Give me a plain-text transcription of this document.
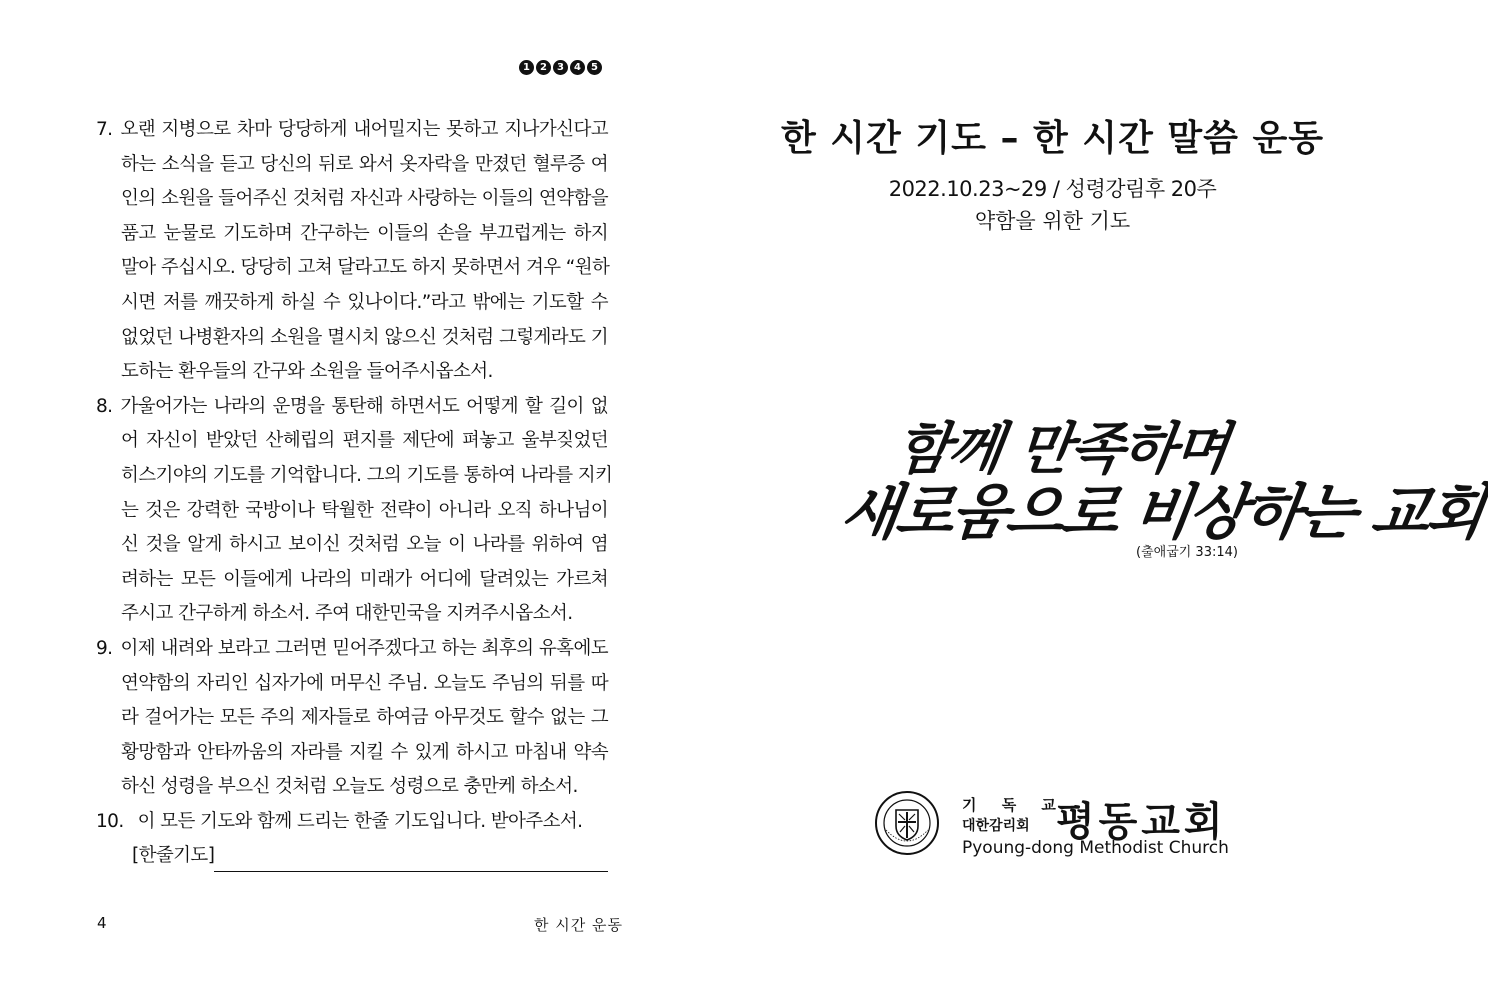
1	2	3	4	5
7. 오랜 지병으로 차마 당당하게 내어밀지는 못하고 지나가신다고
하는 소식을 듣고 당신의 뒤로 와서 옷자락을 만졌던 혈루증 여
인의 소원을 들어주신 것처럼 자신과 사랑하는 이들의 연약함을
품고 눈물로 기도하며 간구하는 이들의 손을 부끄럽게는 하지
말아 주십시오. 당당히 고쳐 달라고도 하지 못하면서 겨우 “원하
시면 저를 깨끗하게 하실 수 있나이다.”라고 밖에는 기도할 수
없었던 나병환자의 소원을 멸시치 않으신 것처럼 그렇게라도 기
도하는 환우들의 간구와 소원을 들어주시옵소서.
8. 가울어가는 나라의 운명을 통탄해 하면서도 어떻게 할 길이 없
어 자신이 받았던 산헤립의 편지를 제단에 펴놓고 울부짖었던
히스기야의 기도를 기억합니다. 그의 기도를 통하여 나라를 지키
는 것은 강력한 국방이나 탁월한 전략이 아니라 오직 하나님이
신 것을 알게 하시고 보이신 것처럼 오늘 이 나라를 위하여 염
려하는 모든 이들에게 나라의 미래가 어디에 달려있는 가르쳐
주시고 간구하게 하소서. 주여 대한민국을 지켜주시옵소서.
9. 이제 내려와 보라고 그러면 믿어주겠다고 하는 최후의 유혹에도
연약함의 자리인 십자가에 머무신 주님. 오늘도 주님의 뒤를 따
라 걸어가는 모든 주의 제자들로 하여금 아무것도 할수 없는 그
황망함과 안타까움의 자라를 지킬 수 있게 하시고 마침내 약속
하신 성령을 부으신 것처럼 오늘도 성령으로 충만케 하소서.
10. 이 모든 기도와 함께 드리는 한줄 기도입니다. 받아주소서.
[한줄기도]
4	한 시간 운동
한 시간 기도 – 한 시간 말씀 운동
2022.10.23~29 / 성령강림후 20주
약함을 위한 기도
함께 만족하며
새로움으로 비상하는 교회
(출애굽기 33:14)
기 독 교
대한감리회 평동교회
Pyoung-dong Methodist Church
